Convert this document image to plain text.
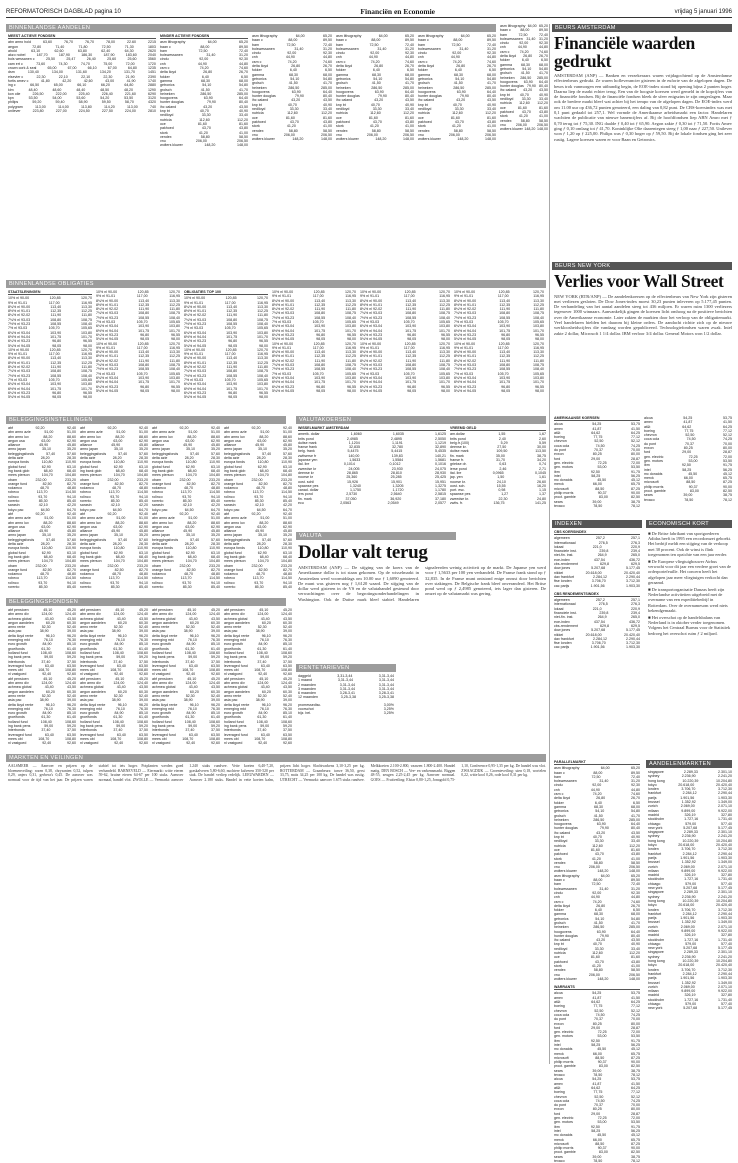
REFORMATORISCH DAGBLAD pagina 10	Financiën en Economie	vrijdag 5 januari 1996
BINNENLANDSE AANDELEN
MEEST ACTIEVE FONDSEN
abn amro hold	63,60	76,70	76,70	78,00	22.60	2215
aegon	72,80	71,40	71,80	72,50	71,30	1803
ahold	63,10	62,60	63,80	62,40	64,30	2620
akzo nobel	187,70	187,90	186,30	187,90	183,60	2040
bols wessanen c	25,50	25,47	26,40	25,60	25,60	3560
cam ert c	73,60	74,30	74,70	75,00	72,00	1720
crown cork & seal	65,00	67,00	66,10	67,00	64,80	1235
dsm	130,40	134,00	131,60	134,20	131,70	1451
elsevier c	22,30	22,10	22,10	22,30	21,90	2390
fortis amev c	41,80	42,20	42,60	43,00	41,90	1740
ing c	66,50	65,00	66,10	66,20	64,80	2880
klm	48,40	48,60	48,40	48,50	48,20	1290
kon olie	226,50	222,00	225,40	226,40	221,60	6290
kpn	53,50	54,00	53,60	54,20	53,50	3120
philips	59,20	59,40	58,90	59,50	58,70	4320
polygram	113,00	114,00	113,80	114,20	113,00	740
unilever	223,80	227,00	224,50	227,50	224,00	2810
MINDER ACTIEVE FONDSEN
asm lithography	64,00	65,20
baan c	88,00	89,50
bam	72,50	72,40
bolswessanen	31,40	31,20
cindu	92,00	92,30
cnh	44,90	44,80
csm c	74,20	74,60
delta lloyd	26,80	26,70
fokker	6,40	6,50
gamma	68,30	68,00
getronics	54,10	54,80
grolsch	41,50	41,70
heineken	286,50	285,00
hoogovens	63,90	64,40
hunter douglas	79,90	80,40
ihc caland	43,20	43,50
knp bt	40,70	40,90
nedlloyd	33,30	33,40
nutricia	112,60	112,20
oce	81,60	81,60
pakhoed	43,70	43,80
stork	41,20	41,00
vendex	58,80	58,50
vnu	206,00	206,50
wolters kluwer	148,20	148,00
asm lithography	64,00	65,20
baan c	88,00	89,50
bam	72,50	72,40
bolswessanen	31,40	31,20
cindu	92,00	92,30
cnh	44,90	44,80
csm c	74,20	74,60
delta lloyd	26,80	26,70
fokker	6,40	6,50
gamma	68,30	68,00
getronics	54,10	54,80
grolsch	41,50	41,70
heineken	286,50	285,00
hoogovens	63,90	64,40
hunter douglas	79,90	80,40
ihc caland	43,20	43,50
knp bt	40,70	40,90
nedlloyd	33,30	33,40
nutricia	112,60	112,20
oce	81,60	81,60
pakhoed	43,70	43,80
stork	41,20	41,00
vendex	58,80	58,50
vnu	206,00	206,50
wolters kluwer	148,20	148,00
asm lithography	64,00	65,20
baan c	88,00	89,50
bam	72,50	72,40
bolswessanen	31,40	31,20
cindu	92,00	92,30
cnh	44,90	44,80
csm c	74,20	74,60
delta lloyd	26,80	26,70
fokker	6,40	6,50
gamma	68,30	68,00
getronics	54,10	54,80
grolsch	41,50	41,70
heineken	286,50	285,00
hoogovens	63,90	64,40
hunter douglas	79,90	80,40
ihc caland	43,20	43,50
knp bt	40,70	40,90
nedlloyd	33,30	33,40
nutricia	112,60	112,20
oce	81,60	81,60
pakhoed	43,70	43,80
stork	41,20	41,00
vendex	58,80	58,50
vnu	206,00	206,50
wolters kluwer	148,20	148,00
asm lithography	64,00	65,20
baan c	88,00	89,50
bam	72,50	72,40
bolswessanen	31,40	31,20
cindu	92,00	92,30
cnh	44,90	44,80
csm c	74,20	74,60
delta lloyd	26,80	26,70
fokker	6,40	6,50
gamma	68,30	68,00
getronics	54,10	54,80
grolsch	41,50	41,70
heineken	286,50	285,00
hoogovens	63,90	64,40
hunter douglas	79,90	80,40
ihc caland	43,20	43,50
knp bt	40,70	40,90
nedlloyd	33,30	33,40
nutricia	112,60	112,20
oce	81,60	81,60
pakhoed	43,70	43,80
stork	41,20	41,00
vendex	58,80	58,50
vnu	206,00	206,50
wolters kluwer	148,20	148,00
asm lithography 64,00 65,20
baan c	88,00	89,50
bam	72,50	72,40
bolswessanen 31,40 31,20
cindu	92,00	92,30
cnh	44,90	44,80
csm c	74,20	74,60
delta lloyd 26,80 26,70
fokker	6,40	6,50
gamma	68,30	68,00
getronics 54,10 54,80
grolsch	41,50	41,70
heineken 286,50 285,00
hoogovens 63,90 64,40
hunter douglas 79,90 80,40
ihc caland 43,20 43,50
knp bt	40,70	40,90
nedlloyd 33,30 33,40
nutricia 112,60 112,20
oce	81,60	81,60
pakhoed 43,70 43,80
stork	41,20	41,00
vendex	58,80	58,50
vnu	206,00	206,50
wolters kluwer 148,20 148,00
BINNENLANDSE OBLIGATIES
STAATSLENINGEN
10% nl 90-00	120,85	120,70
9% nl 91-01	117,00	116,95
8¾% nl 90-00	113,40	113,30
8½% nl 91-01	112,35	112,25
8¼% nl 92-02	111,90	111,80
7¾% nl 93-03	108,80	108,75
7½% nl 93-23	108,55	108,40
7% nl 93-03	105,70	105,65
6¾% nl 93-04	103,90	103,80
6½% nl 94-04	101,75	101,70
6¼% nl 93-23	96,80	96,55
5¾% nl 94-05	98,05	98,00
10% nl 90-00	120,85	120,70
9% nl 91-01	117,00	116,95
8¾% nl 90-00	113,40	113,30
8½% nl 91-01	112,35	112,25
8¼% nl 92-02	111,90	111,80
7¾% nl 93-03	108,80	108,75
7½% nl 93-23	108,55	108,40
7% nl 93-03	105,70	105,65
6¾% nl 93-04	103,90	103,80
6½% nl 94-04	101,75	101,70
6¼% nl 93-23	96,80	96,55
5¾% nl 94-05	98,05	98,00
10% nl 90-00	120,85	120,70
9% nl 91-01	117,00	116,95
8¾% nl 90-00	113,40	113,30
8½% nl 91-01	112,35	112,25
8¼% nl 92-02	111,90	111,80
7¾% nl 93-03	108,80	108,75
7½% nl 93-23	108,55	108,40
7% nl 93-03	105,70	105,65
6¾% nl 93-04	103,90	103,80
6½% nl 94-04	101,75	101,70
6¼% nl 93-23	96,80	96,55
5¾% nl 94-05	98,05	98,00
10% nl 90-00	120,85	120,70
9% nl 91-01	117,00	116,95
8¾% nl 90-00	113,40	113,30
8½% nl 91-01	112,35	112,25
8¼% nl 92-02	111,90	111,80
7¾% nl 93-03	108,80	108,75
7½% nl 93-23	108,55	108,40
7% nl 93-03	105,70	105,65
6¾% nl 93-04	103,90	103,80
6½% nl 94-04	101,75	101,70
6¼% nl 93-23	96,80	96,55
5¾% nl 94-05	98,05	98,00
OBLIGATIES TOP 100
10% nl 90-00	120,85	120,70
9% nl 91-01	117,00	116,95
8¾% nl 90-00	113,40	113,30
8½% nl 91-01	112,35	112,25
8¼% nl 92-02	111,90	111,80
7¾% nl 93-03	108,80	108,75
7½% nl 93-23	108,55	108,40
7% nl 93-03	105,70	105,65
6¾% nl 93-04	103,90	103,80
6½% nl 94-04	101,75	101,70
6¼% nl 93-23	96,80	96,55
5¾% nl 94-05	98,05	98,00
10% nl 90-00	120,85	120,70
9% nl 91-01	117,00	116,95
8¾% nl 90-00	113,40	113,30
8½% nl 91-01	112,35	112,25
8¼% nl 92-02	111,90	111,80
7¾% nl 93-03	108,80	108,75
7½% nl 93-23	108,55	108,40
7% nl 93-03	105,70	105,65
6¾% nl 93-04	103,90	103,80
6½% nl 94-04	101,75	101,70
6¼% nl 93-23	96,80	96,55
5¾% nl 94-05	98,05	98,00
10% nl 90-00	120,85	120,70
9% nl 91-01	117,00	116,95
8¾% nl 90-00	113,40	113,30
8½% nl 91-01	112,35	112,25
8¼% nl 92-02	111,90	111,80
7¾% nl 93-03	108,80	108,75
7½% nl 93-23	108,55	108,40
7% nl 93-03	105,70	105,65
6¾% nl 93-04	103,90	103,80
6½% nl 94-04	101,75	101,70
6¼% nl 93-23	96,80	96,55
5¾% nl 94-05	98,05	98,00
10% nl 90-00	120,85	120,70
9% nl 91-01	117,00	116,95
8¾% nl 90-00	113,40	113,30
8½% nl 91-01	112,35	112,25
8¼% nl 92-02	111,90	111,80
7¾% nl 93-03	108,80	108,75
7½% nl 93-23	108,55	108,40
7% nl 93-03	105,70	105,65
6¾% nl 93-04	103,90	103,80
6½% nl 94-04	101,75	101,70
6¼% nl 93-23	96,80	96,55
5¾% nl 94-05	98,05	98,00
10% nl 90-00	120,85	120,70
9% nl 91-01	117,00	116,95
8¾% nl 90-00	113,40	113,30
8½% nl 91-01	112,35	112,25
8¼% nl 92-02	111,90	111,80
7¾% nl 93-03	108,80	108,75
7½% nl 93-23	108,55	108,40
7% nl 93-03	105,70	105,65
6¾% nl 93-04	103,90	103,80
6½% nl 94-04	101,75	101,70
6¼% nl 93-23	96,80	96,55
5¾% nl 94-05	98,05	98,00
10% nl 90-00	120,85	120,70
9% nl 91-01	117,00	116,95
8¾% nl 90-00	113,40	113,30
8½% nl 91-01	112,35	112,25
8¼% nl 92-02	111,90	111,80
7¾% nl 93-03	108,80	108,75
7½% nl 93-23	108,55	108,40
7% nl 93-03	105,70	105,65
6¾% nl 93-04	103,90	103,80
6½% nl 94-04	101,75	101,70
6¼% nl 93-23	96,80	96,55
5¾% nl 94-05	98,05	98,00
10% nl 90-00	120,85	120,70
9% nl 91-01	117,00	116,95
8¾% nl 90-00	113,40	113,30
8½% nl 91-01	112,35	112,25
8¼% nl 92-02	111,90	111,80
7¾% nl 93-03	108,80	108,75
7½% nl 93-23	108,55	108,40
7% nl 93-03	105,70	105,65
6¾% nl 93-04	103,90	103,80
6½% nl 94-04	101,75	101,70
6¼% nl 93-23	96,80	96,55
5¾% nl 94-05	98,05	98,00
10% nl 90-00	120,85	120,70
9% nl 91-01	117,00	116,95
8¾% nl 90-00	113,40	113,30
8½% nl 91-01	112,35	112,25
8¼% nl 92-02	111,90	111,80
7¾% nl 93-03	108,80	108,75
7½% nl 93-23	108,55	108,40
7% nl 93-03	105,70	105,65
6¾% nl 93-04	103,90	103,80
6½% nl 94-04	101,75	101,70
6¼% nl 93-23	96,80	96,55
5¾% nl 94-05	98,05	98,00
BELEGGINGSINSTELLINGEN
abf	92,20	92,40
abn amro azie	51,00	51,00
abn amro lux	88,20	88,60
aegon usa	63,00	62,90
alliance	45,90	45,80
amro japan	35,10	35,20
beleggingsfonds	57,40	57,60
delta azie	28,20	28,30
europa fonds	110,80	110,90
global fund	62,90	63,10
ing bank glob	68,40	68,40
mees pierson	104,70	104,80
obam	232,00	233,20
orange fund	82,50	82,70
rodamco	48,70	48,80
robeco	113,70	114,50
rolinco	93,70	94,10
rorento	85,30	85,40
sarasin	42,10	42,20
tokyo pac	64,50	64,70
abf	92,20	92,40
abn amro azie	51,00	51,00
abn amro lux	88,20	88,60
aegon usa	63,00	62,90
alliance	45,90	45,80
amro japan	35,10	35,20
beleggingsfonds	57,40	57,60
delta azie	28,20	28,30
europa fonds	110,80	110,90
global fund	62,90	63,10
ing bank glob	68,40	68,40
mees pierson	104,70	104,80
obam	232,00	233,20
orange fund	82,50	82,70
rodamco	48,70	48,80
robeco	113,70	114,50
rolinco	93,70	94,10
rorento	85,30	85,40
abf	92,20	92,40
abn amro azie	51,00	51,00
abn amro lux	88,20	88,60
aegon usa	63,00	62,90
alliance	45,90	45,80
amro japan	35,10	35,20
beleggingsfonds	57,40	57,60
delta azie	28,20	28,30
europa fonds	110,80	110,90
global fund	62,90	63,10
ing bank glob	68,40	68,40
mees pierson	104,70	104,80
obam	232,00	233,20
orange fund	82,50	82,70
rodamco	48,70	48,80
robeco	113,70	114,50
rolinco	93,70	94,10
rorento	85,30	85,40
sarasin	42,10	42,20
tokyo pac	64,50	64,70
abf	92,20	92,40
abn amro azie	51,00	51,00
abn amro lux	88,20	88,60
aegon usa	63,00	62,90
alliance	45,90	45,80
amro japan	35,10	35,20
beleggingsfonds	57,40	57,60
delta azie	28,20	28,30
europa fonds	110,80	110,90
global fund	62,90	63,10
ing bank glob	68,40	68,40
mees pierson	104,70	104,80
obam	232,00	233,20
orange fund	82,50	82,70
rodamco	48,70	48,80
robeco	113,70	114,50
rolinco	93,70	94,10
rorento	85,30	85,40
abf	92,20	92,40
abn amro azie	51,00	51,00
abn amro lux	88,20	88,60
aegon usa	63,00	62,90
alliance	45,90	45,80
amro japan	35,10	35,20
beleggingsfonds	57,40	57,60
delta azie	28,20	28,30
europa fonds	110,80	110,90
global fund	62,90	63,10
ing bank glob	68,40	68,40
mees pierson	104,70	104,80
obam	232,00	233,20
orange fund	82,50	82,70
rodamco	48,70	48,80
robeco	113,70	114,50
rolinco	93,70	94,10
rorento	85,30	85,40
sarasin	42,10	42,20
tokyo pac	64,50	64,70
abf	92,20	92,40
abn amro azie	51,00	51,00
abn amro lux	88,20	88,60
aegon usa	63,00	62,90
alliance	45,90	45,80
amro japan	35,10	35,20
beleggingsfonds	57,40	57,60
delta azie	28,20	28,30
europa fonds	110,80	110,90
global fund	62,90	63,10
ing bank glob	68,40	68,40
mees pierson	104,70	104,80
obam	232,00	233,20
orange fund	82,50	82,70
rodamco	48,70	48,80
robeco	113,70	114,50
rolinco	93,70	94,10
rorento	85,30	85,40
abf	92,20	92,40
abn amro azie	51,00	51,00
abn amro lux	88,20	88,60
aegon usa	63,00	62,90
alliance	45,90	45,80
amro japan	35,10	35,20
beleggingsfonds	57,40	57,60
delta azie	28,20	28,30
europa fonds	110,80	110,90
global fund	62,90	63,10
ing bank glob	68,40	68,40
mees pierson	104,70	104,80
obam	232,00	233,20
orange fund	82,50	82,70
rodamco	48,70	48,80
robeco	113,70	114,50
rolinco	93,70	94,10
rorento	85,30	85,40
sarasin	42,10	42,20
tokyo pac	64,50	64,70
abf	92,20	92,40
abn amro azie	51,00	51,00
abn amro lux	88,20	88,60
aegon usa	63,00	62,90
alliance	45,90	45,80
amro japan	35,10	35,20
beleggingsfonds	57,40	57,60
delta azie	28,20	28,30
europa fonds	110,80	110,90
global fund	62,90	63,10
ing bank glob	68,40	68,40
mees pierson	104,70	104,80
obam	232,00	233,20
orange fund	82,50	82,70
rodamco	48,70	48,80
robeco	113,70	114,50
rolinco	93,70	94,10
rorento	85,30	85,40
VALUTAKOERSEN
WISSELMARKT AMSTERDAM
amerik. dollar	1,6060	1,6035	1,6125
brits pond	2,4985	2,4895	2,5050
duitse mark	1,1204	1,1191	1,1219
franse frank	32,835	32,780	32,890
belg. frank	5,4475	5,4415	5,4535
zwitserse fr	140,00	139,83	140,21
japanse yen	1,5633	1,5584	1,5681
ital. lire	0,1014	0,1012	0,1016
zweedse kr	24,005	23,930	24,075
deense kr	28,865	28,810	28,930
noorse kr	25,360	25,285	25,425
oost. schil	15,926	15,901	15,951
spaanse pes	1,3240	1,3205	1,3275
canad. dollar	1,1750	1,1720	1,1780
iers pond	2,5730	2,5640	2,5815
fin. mark	37,050	36,920	37,180
ecu	2,0563	2,0549	2,0577
VREEMD GELD
am.dollar	1,55	1,67
brits pond	2,40	2,60
belg.fr.(100)	5,29	5,59
deense kr.	27,50	30,00
duitse mark	109,50	113,50
fin. mark	35,00	38,75
franse fr.	31,70	34,20
griekse dr.	0,63	0,74
ierse pond	2,46	2,71
ital. lire	0,0965	0,1045
jap. yen	1,50	1,61
noorse kr.	24,10	26,60
oost. sch.	15,55	16,20
port. esc.	0,98	1,15
spaanse pes	1,27	1,37
zweedse kr.	22,30	24,80
zwits. fr.	136,75	141,25
VALUTA
Dollar valt terug
AMSTERDAM (ANP) — De stijging van de koers van de Amerikaanse dollar is tot staan gekomen. Op de wisselmarkt in Amsterdam werd voormiddags om 10.00 uur ƒ 1,6090 genoteerd. De munt was gisteren nog ƒ 1,6120 waard. De stijging van de dollar werd gisteren in de VS en de valutahandel gesteund door verwachtingen over de begrotingsonderhandelingen in Washington. Ook de Duitse mark bleef stabiel. Handelaren signaleerden weinig activiteit op de markt. De Japanse yen werd voor ƒ 1,5633 per 100 yen verhandeld. De Franse frank stond op ƒ 32,835. In de Franse munt ontstond enige onrust door berichten over stakingen. De Belgische frank bleef onveranderd. Het Britse pond werd op ƒ 2,4985 genoteerd, iets lager dan gisteren. De omzet op de valutamarkt was gering.
RENTETARIEVEN
daggeld	3,31-3,44	3,31-3,44
1 maand	3,31-3,44	3,31-3,44
2 maanden	3,31-3,44	3,31-3,44
3 maanden	3,31-3,44	3,31-3,44
6 maanden	3,28-3,41	3,28-3,41
12 maanden	3,25-3,38	3,25-3,38
promessedisc.	3,00%
voorschot	3,25%
bijz. bel.	3,25%
BELEGGINGSFONDSEN
abf pensioen	45,10	45,20
abn amro div	124,00	124,40
achmea global	43,40	43,50
aegon aandelen	60,20	60,30
amro rente	52,30	52,40
asia pac	38,90	39,00
delta lloyd rente	96,10	96,20
emerging mkt	76,10	76,30
euro growth	84,90	85,10
groeifonds	61,30	61,40
holland fund	108,40	108,60
ing bank pens	59,00	59,20
interbonds	37,40	37,50
leveraged fund	63,40	63,50
mees obl	108,70	108,80
nl vastgoed	92,40	92,60
abf pensioen	45,10	45,20
abn amro div	124,00	124,40
achmea global	43,40	43,50
aegon aandelen	60,20	60,30
amro rente	52,30	52,40
asia pac	38,90	39,00
delta lloyd rente	96,10	96,20
emerging mkt	76,10	76,30
euro growth	84,90	85,10
groeifonds	61,30	61,40
holland fund	108,40	108,60
ing bank pens	59,00	59,20
interbonds	37,40	37,50
leveraged fund	63,40	63,50
mees obl	108,70	108,80
nl vastgoed	92,40	92,60
abf pensioen	45,10	45,20
abn amro div	124,00	124,40
achmea global	43,40	43,50
aegon aandelen	60,20	60,30
amro rente	52,30	52,40
asia pac	38,90	39,00
delta lloyd rente	96,10	96,20
emerging mkt	76,10	76,30
euro growth	84,90	85,10
groeifonds	61,30	61,40
holland fund	108,40	108,60
ing bank pens	59,00	59,20
interbonds	37,40	37,50
leveraged fund	63,40	63,50
mees obl	108,70	108,80
nl vastgoed	92,40	92,60
abf pensioen	45,10	45,20
abn amro div	124,00	124,40
achmea global	43,40	43,50
aegon aandelen	60,20	60,30
amro rente	52,30	52,40
asia pac	38,90	39,00
delta lloyd rente	96,10	96,20
emerging mkt	76,10	76,30
euro growth	84,90	85,10
groeifonds	61,30	61,40
holland fund	108,40	108,60
ing bank pens	59,00	59,20
interbonds	37,40	37,50
leveraged fund	63,40	63,50
mees obl	108,70	108,80
nl vastgoed	92,40	92,60
abf pensioen	45,10	45,20
abn amro div	124,00	124,40
achmea global	43,40	43,50
aegon aandelen	60,20	60,30
amro rente	52,30	52,40
asia pac	38,90	39,00
delta lloyd rente	96,10	96,20
emerging mkt	76,10	76,30
euro growth	84,90	85,10
groeifonds	61,30	61,40
holland fund	108,40	108,60
ing bank pens	59,00	59,20
interbonds	37,40	37,50
leveraged fund	63,40	63,50
mees obl	108,70	108,80
nl vastgoed	92,40	92,60
abf pensioen	45,10	45,20
abn amro div	124,00	124,40
achmea global	43,40	43,50
aegon aandelen	60,20	60,30
amro rente	52,30	52,40
asia pac	38,90	39,00
delta lloyd rente	96,10	96,20
emerging mkt	76,10	76,30
euro growth	84,90	85,10
groeifonds	61,30	61,40
holland fund	108,40	108,60
ing bank pens	59,00	59,20
interbonds	37,40	37,50
leveraged fund	63,40	63,50
mees obl	108,70	108,80
nl vastgoed	92,40	92,60
abf pensioen	45,10	45,20
abn amro div	124,00	124,40
achmea global	43,40	43,50
aegon aandelen	60,20	60,30
amro rente	52,30	52,40
asia pac	38,90	39,00
delta lloyd rente	96,10	96,20
emerging mkt	76,10	76,30
euro growth	84,90	85,10
groeifonds	61,30	61,40
holland fund	108,40	108,60
ing bank pens	59,00	59,20
interbonds	37,40	37,50
leveraged fund	63,40	63,50
mees obl	108,70	108,80
nl vastgoed	92,40	92,60
abf pensioen	45,10	45,20
abn amro div	124,00	124,40
achmea global	43,40	43,50
aegon aandelen	60,20	60,30
amro rente	52,30	52,40
asia pac	38,90	39,00
delta lloyd rente	96,10	96,20
emerging mkt	76,10	76,30
euro growth	84,90	85,10
groeifonds	61,30	61,40
holland fund	108,40	108,60
ing bank pens	59,00	59,20
interbonds	37,40	37,50
leveraged fund	63,40	63,50
mees obl	108,70	108,80
nl vastgoed	92,40	92,60
MARKTEN EN VEILINGEN
AALSMEER — Aanvoer en prijzen op de bloemenveiling: rozen 0,38, chrysanten 0,52, tulpen 0,29, anjers 0,31, gerbera's 0,45. De aanvoer was normaal voor de tijd van het jaar. De prijzen waren stabiel tot iets hoger. Potplanten werden goed verhandeld. BARNEVELD — Eiermarkt: witte eieren 59-62, bruine eieren 64-67 per 100 stuks. Aanvoer normaal, handel vlot. ZWOLLE — Veemarkt: aanvoer 1.240 stuks rundvee. Vette koeien 6,40-7,20, graskalveren 5,80-6,60, nuchtere kalveren 350-520 per stuk. De handel verliep redelijk. LEEUWARDEN — Aanvoer 2.180 stuks. Handel in vette koeien kalm, prijzen licht hoger. Slachtvarkens 3,10-3,25 per kg. ROTTERDAM — Graanbeurs: tarwe 36,50, gerst 33,75, maïs 34,25 per 100 kg. De handel was rustig. UTRECHT — Veemarkt: aanvoer 1.675 stuks rundvee. Melkkoeien 2.100-2.800, vaarzen 1.800-2.400. Handel matig. DEN BOSCH — Vee- en varkensmarkt. Biggen 48-55, zeugen 2,25-2,45 per kg. Aanvoer normaal. GOES — Fruitveiling: Elstar 0,80-1,25, Jonagold 0,75-1,10, Conference 0,95-1,35 per kg. De handel was vlot. ZWAAGDIJK — Groenteveiling: uien 0,18, wortelen 0,22, witte kool 0,26, rode kool 0,31 per kg.
BEURS AMSTERDAM
Financiële waarden gedrukt
AMSTERDAM (ANP) — Banken en verzekeraars waren vrijdagochtend op de Amsterdamse effectenbeurs gedrukt. Ze waren hofleverancier gisteren in de euforie van de afgelopen dagen. De beurs trok vanmorgen een uitbundig begin, de EOE-index stond bij opening bijna 2 punten hoger. Daarna liep de markt echter terug. Een van de hoogste koersen werd gemeld in de kopcijfers van de financiële fondsen. Bij de financiële fondsen bleek de sfeer enigszins te zijn omgeslagen. Maar ook de bredere markt bleef wat achter bij het tempo van de afgelopen dagen. De EOE-index werd om 11.00 uur op 436,72 punten genoteerd, een daling van 0,82 punt. De CBS-koersindex was met 0,1 punt gedaald tot 257,1. Wel vormde de Amerikaanse arbeidsmarkt een factor. Handelaren wachtten de publicatie van nieuwe banencijfers af. Bij de hoofdfondsen liep ABN Amro met ƒ 0,70 terug tot ƒ 75,30. ING daalde ƒ 0,40 tot ƒ 65,90. Aegon zakte ƒ 0,30 tot ƒ 71,50. Fortis Amev ging ƒ 0,10 omlaag tot ƒ 41,70. Koninklijke Olie daarentegen steeg ƒ 1,00 naar ƒ 227,50. Unilever won ƒ 1,20 op ƒ 225,00. Philips was ƒ 0,30 hoger op ƒ 59,50. Bij de lokale fondsen ging het zeer rustig. Lagere koersen waren er voor Baan en Getronics.
BEURS NEW YORK
Verlies voor Wall Street
NEW YORK (RTR/ANP) — De aandelenkoersen op de effectenbeurs van New York zijn gisteren met verliezen gesloten. De Dow Jones-index moest 30,23 punten inleveren op 5.177,45 punten. De verhandeling van het aantal aandelen steeg tot 436 miljoen. Er waren ruim 1300 verliezers tegenover 1000 winnaars. Aanvankelijk gingen de koersen licht omhoog na de positieve berichten over de Amerikaanse economie. Later zakten de markten door het verloop van de obligatiemarkt. Veel handelaren hielden het daarom bij kleine orders. De aandacht richtte zich op de nieuwe werkloosheidscijfers die vandaag worden gepubliceerd. Technologiefondsen waren zwak. Intel zakte 2 dollar, Microsoft 1 1/4 dollar. IBM verloor 3/4 dollar. General Motors won 1/2 dollar.
AMERIKAANSE KOERSEN
alcoa	54,25	53,75
amex	41,87	41,50
at&t	64,62	64,25
boeing	77,75	77,12
chevron	52,50	52,12
coca cola	74,50	74,25
du pont	70,37	70,00
exxon	80,25	80,00
ford	29,00	28,87
gen. electric	72,25	72,00
gen. motors	53,00	53,50
ibm	92,50	91,75
intel	58,25	56,25
mc donalds	45,50	45,12
merck	66,00	65,75
microsoft	88,50	87,25
philip morris	90,37	90,00
proct. gamble	83,00	82,50
sears	39,00	38,75
texaco	78,50	78,12
alcoa	54,25	53,75
amex	41,87	41,50
at&t	64,62	64,25
boeing	77,75	77,12
chevron	52,50	52,12
coca cola	74,50	74,25
du pont	70,37	70,00
exxon	80,25	80,00
ford	29,00	28,87
gen. electric	72,25	72,00
gen. motors	53,00	53,50
ibm	92,50	91,75
intel	58,25	56,25
mc donalds	45,50	45,12
merck	66,00	65,75
microsoft	88,50	87,25
philip morris	90,37	90,00
proct. gamble	83,00	82,50
sears	39,00	38,75
texaco	78,50	78,12
INDEXEN
CBS KOERSINDEX
algemeen	257,2	257,1
internationaal	276,5	276,3
lokaal	221,0	220,9
financiele inst.	239,8	239,4
niet-fin. inst.	264,9	265,0
eoe-index	437,54	436,72
cbs-rendement	629,8	629,5
dow jones	5.207,68	5.177,45
nikkei	20.618,00	20.420,40
dax frankfurt	2.284,12	2.290,44
ftse londen	3.706,70	3.712,30
cac parijs	1.901,56	1.903,30
CBS RENDEMENTSINDEX
algemeen	257,2	257,1
internationaal	276,5	276,3
lokaal	221,0	220,9
financiele inst.	239,8	239,4
niet-fin. inst.	264,9	265,0
eoe-index	437,54	436,72
cbs-rendement	629,8	629,5
dow jones	5.207,68	5.177,45
nikkei	20.618,00	20.420,40
dax frankfurt	2.284,12	2.290,44
ftse londen	3.706,70	3.712,30
cac parijs	1.901,56	1.903,30
ECONOMISCH KORT

■ De Britse fabrikant van sportgoederen Adidas heeft in 1995 een recordomzet geboekt. Het bedrijf meldt een stijging van de verkoop met 30 procent. Ook de winst is flink toegenomen ten opzichte van een jaar eerder.

■ De Europese vliegtuigbouwer Airbus verwacht voor dit jaar een verdere groei van de orderportefeuille. Het concern heeft het afgelopen jaar meer vliegtuigen verkocht dan geraamd.

■ De transportorganisatie Danzas heeft zijn Nederlandse activiteiten uitgebreid met de overname van een expeditiebedrijf in Rotterdam. Over de overnamesom werd niets bekendgemaakt.

■ Het overschot op de handelsbalans van Nederland is in oktober verder toegenomen. Volgens het Centraal Bureau voor de Statistiek bedroeg het overschot ruim ƒ 2 miljard.

AANDELENMARKTEN
singapore	2.289,33	2.301,10
sydney	2.236,90	2.241,20
hong kong	10.220,39	10.204,80
tokyo	20.618,00	20.420,40
londen	3.706,70	3.712,30
frankfurt	2.284,12	2.290,44
parijs	1.901,56	1.903,30
brussel	1.352,92	1.349,00
zurich	2.069,00	2.071,10
milaan	9.899,00	9.922,00
madrid	326,19	327,80
stockholm	1.727,16	1.731,40
chicago	579,00	577,40
new york	5.207,68	5.177,45
singapore	2.289,33	2.301,10
sydney	2.236,90	2.241,20
hong kong	10.220,39	10.204,80
tokyo	20.618,00	20.420,40
londen	3.706,70	3.712,30
frankfurt	2.284,12	2.290,44
parijs	1.901,56	1.903,30
brussel	1.352,92	1.349,00
zurich	2.069,00	2.071,10
milaan	9.899,00	9.922,00
madrid	326,19	327,80
stockholm	1.727,16	1.731,40
chicago	579,00	577,40
new york	5.207,68	5.177,45
singapore	2.289,33	2.301,10
sydney	2.236,90	2.241,20
hong kong	10.220,39	10.204,80
tokyo	20.618,00	20.420,40
londen	3.706,70	3.712,30
frankfurt	2.284,12	2.290,44
parijs	1.901,56	1.903,30
brussel	1.352,92	1.349,00
zurich	2.069,00	2.071,10
milaan	9.899,00	9.922,00
madrid	326,19	327,80
stockholm	1.727,16	1.731,40
chicago	579,00	577,40
new york	5.207,68	5.177,45
singapore	2.289,33	2.301,10
sydney	2.236,90	2.241,20
hong kong	10.220,39	10.204,80
tokyo	20.618,00	20.420,40
londen	3.706,70	3.712,30
frankfurt	2.284,12	2.290,44
parijs	1.901,56	1.903,30
brussel	1.352,92	1.349,00
zurich	2.069,00	2.071,10
milaan	9.899,00	9.922,00
madrid	326,19	327,80
stockholm	1.727,16	1.731,40
chicago	579,00	577,40
new york	5.207,68	5.177,45
PARALLELMARKT
asm lithography	64,00	65,20
baan c	88,00	89,50
bam	72,50	72,40
bolswessanen	31,40	31,20
cindu	92,00	92,30
cnh	44,90	44,80
csm c	74,20	74,60
delta lloyd	26,80	26,70
fokker	6,40	6,50
gamma	68,30	68,00
getronics	54,10	54,80
grolsch	41,50	41,70
heineken	286,50	285,00
hoogovens	63,90	64,40
hunter douglas	79,90	80,40
ihc caland	43,20	43,50
knp bt	40,70	40,90
nedlloyd	33,30	33,40
nutricia	112,60	112,20
oce	81,60	81,60
pakhoed	43,70	43,80
stork	41,20	41,00
vendex	58,80	58,50
vnu	206,00	206,50
wolters kluwer	148,20	148,00
asm lithography	64,00	65,20
baan c	88,00	89,50
bam	72,50	72,40
bolswessanen	31,40	31,20
cindu	92,00	92,30
cnh	44,90	44,80
csm c	74,20	74,60
delta lloyd	26,80	26,70
fokker	6,40	6,50
gamma	68,30	68,00
getronics	54,10	54,80
grolsch	41,50	41,70
heineken	286,50	285,00
hoogovens	63,90	64,40
hunter douglas	79,90	80,40
ihc caland	43,20	43,50
knp bt	40,70	40,90
nedlloyd	33,30	33,40
nutricia	112,60	112,20
oce	81,60	81,60
pakhoed	43,70	43,80
stork	41,20	41,00
vendex	58,80	58,50
vnu	206,00	206,50
wolters kluwer	148,20	148,00
WARRANTS
alcoa	54,25	53,75
amex	41,87	41,50
at&t	64,62	64,25
boeing	77,75	77,12
chevron	52,50	52,12
coca cola	74,50	74,25
du pont	70,37	70,00
exxon	80,25	80,00
ford	29,00	28,87
gen. electric	72,25	72,00
gen. motors	53,00	53,50
ibm	92,50	91,75
intel	58,25	56,25
mc donalds	45,50	45,12
merck	66,00	65,75
microsoft	88,50	87,25
philip morris	90,37	90,00
proct. gamble	83,00	82,50
sears	39,00	38,75
texaco	78,50	78,12
alcoa	54,25	53,75
amex	41,87	41,50
at&t	64,62	64,25
boeing	77,75	77,12
chevron	52,50	52,12
coca cola	74,50	74,25
du pont	70,37	70,00
exxon	80,25	80,00
ford	29,00	28,87
gen. electric	72,25	72,00
gen. motors	53,00	53,50
ibm	92,50	91,75
intel	58,25	56,25
mc donalds	45,50	45,12
merck	66,00	65,75
microsoft	88,50	87,25
philip morris	90,37	90,00
proct. gamble	83,00	82,50
sears	39,00	38,75
texaco	78,50	78,12
